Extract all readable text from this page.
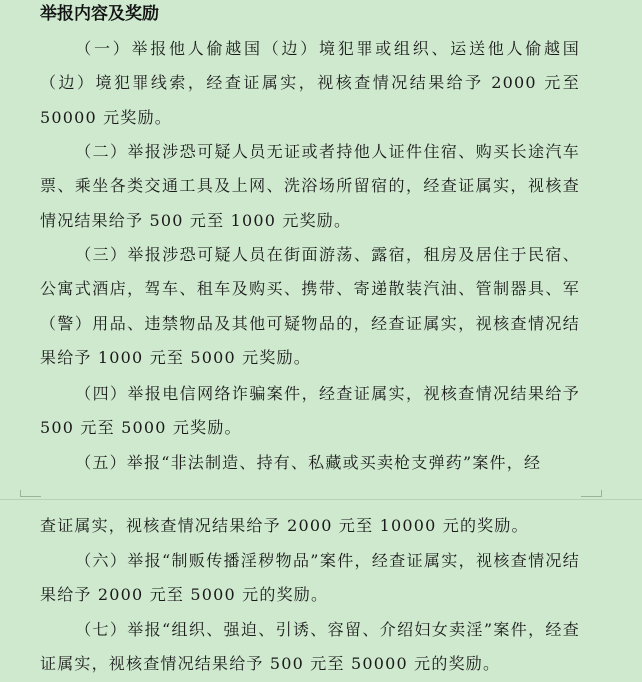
举报内容及奖励

（一）举报他人偷越国（边）境犯罪或组织、运送他人偷越国（边）境犯罪线索，经查证属实，视核查情况结果给予 2000 元至 50000 元奖励。

（二）举报涉恐可疑人员无证或者持他人证件住宿、购买长途汽车票、乘坐各类交通工具及上网、洗浴场所留宿的，经查证属实，视核查情况结果给予 500 元至 1000 元奖励。

（三）举报涉恐可疑人员在街面游荡、露宿，租房及居住于民宿、公寓式酒店，驾车、租车及购买、携带、寄递散装汽油、管制器具、军（警）用品、违禁物品及其他可疑物品的，经查证属实，视核查情况结果给予 1000 元至 5000 元奖励。

（四）举报电信网络诈骗案件，经查证属实，视核查情况结果给予 500 元至 5000 元奖励。

（五）举报“非法制造、持有、私藏或买卖枪支弹药”案件，经

查证属实，视核查情况结果给予 2000 元至 10000 元的奖励。

（六）举报“制贩传播淫秽物品”案件，经查证属实，视核查情况结果给予 2000 元至 5000 元的奖励。

（七）举报“组织、强迫、引诱、容留、介绍妇女卖淫”案件，经查证属实，视核查情况结果给予 500 元至 50000 元的奖励。
